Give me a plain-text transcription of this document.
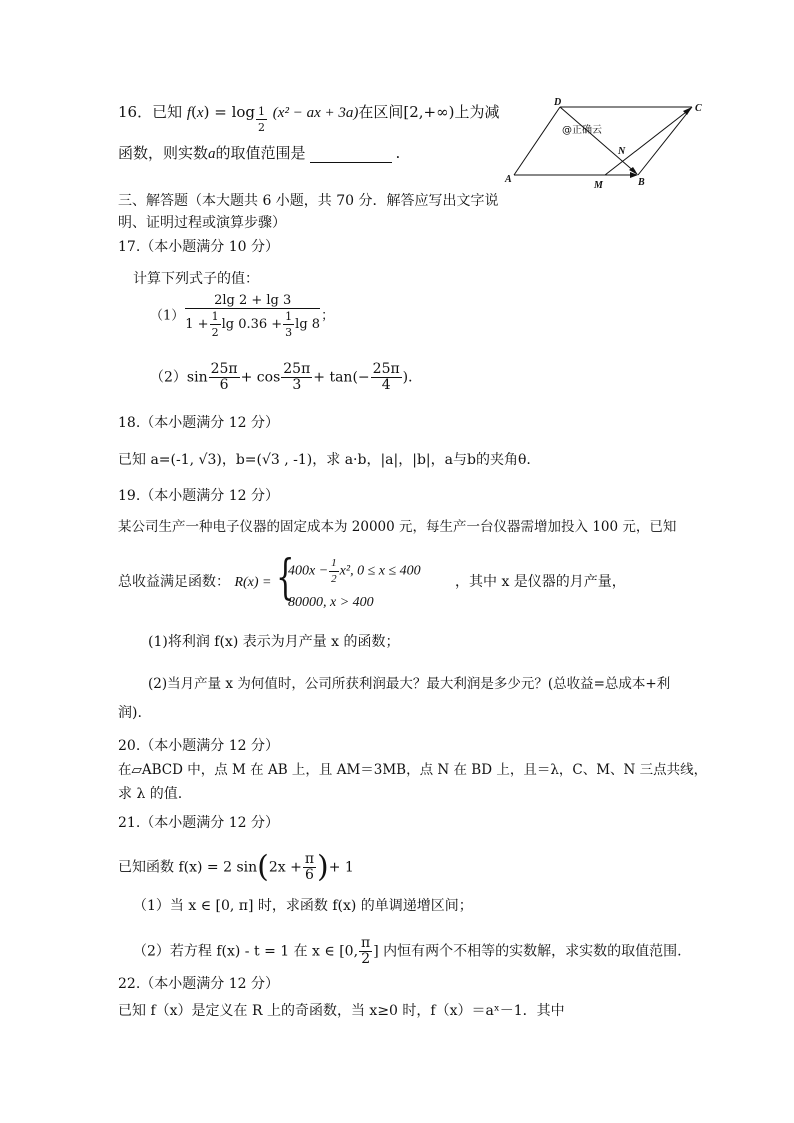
16．已知 $f(x) = \log \frac{1}{2} (x^2$ − ax + 3a)在区间[2,+∞)上为减
函数，则实数a的取值范围是	.
D
C
A	B
M
N
@正确云
三、解答题（本大题共 6 小题，共 70 分．解答应写出文字说
明、证明过程或演算步骤）
17.（本小题满分 10 分）
计算下列式子的值：
$(1) \frac{2\lg 2 + \lg 3}{1 + \frac{1}{2} \lg 0.36 + \frac{1}{3} \lg 8}$ ；
$(2)\sin \frac{25\pi}{6} + \cos \frac{25\pi}{3} + \tan(- \frac{25\pi}{4}$ )．
18.（本小题满分 12 分）
已知 a=(-1, √3)，b=(√3 , -1)，求 a·b，|a|，|b|，a与b的夹角θ.
19.（本小题满分 12 分）
某公司生产一种电子仪器的固定成本为 20000 元，每生产一台仪器需增加投入 100 元，已知
总收益满足函数： R(x) = {
$400x - \frac{1}{2} x^2$, 0 ≤ x ≤ 400
80000, x > 400
，其中 x 是仪器的月产量，
(1)将利润 f(x) 表示为月产量 x 的函数；
(2)当月产量 x 为何值时，公司所获利润最大？最大利润是多少元？(总收益=总成本+利
润).
20.（本小题满分 12 分）
在▱ABCD 中，点 M 在 AB 上，且 AM＝3MB，点 N 在 BD 上，且＝λ，C、M、N 三点共线，
求 λ 的值.
21.（本小题满分 12 分）
已知函数 f(x) = 2 $\sin(2x + \frac{\pi}{6}$ )+ 1
（1）当 x ∈ [0, π] 时，求函数 f(x) 的单调递增区间；
（2）若方程 f(x) - t = 1 在 x ∈ [0, $\frac{\pi}{2}$ ] 内恒有两个不相等的实数解，求实数的取值范围.
22.（本小题满分 12 分）
已知 f（x）是定义在 R 上的奇函数，当 x≥0 时，f（x）＝aˣ－1．其中
